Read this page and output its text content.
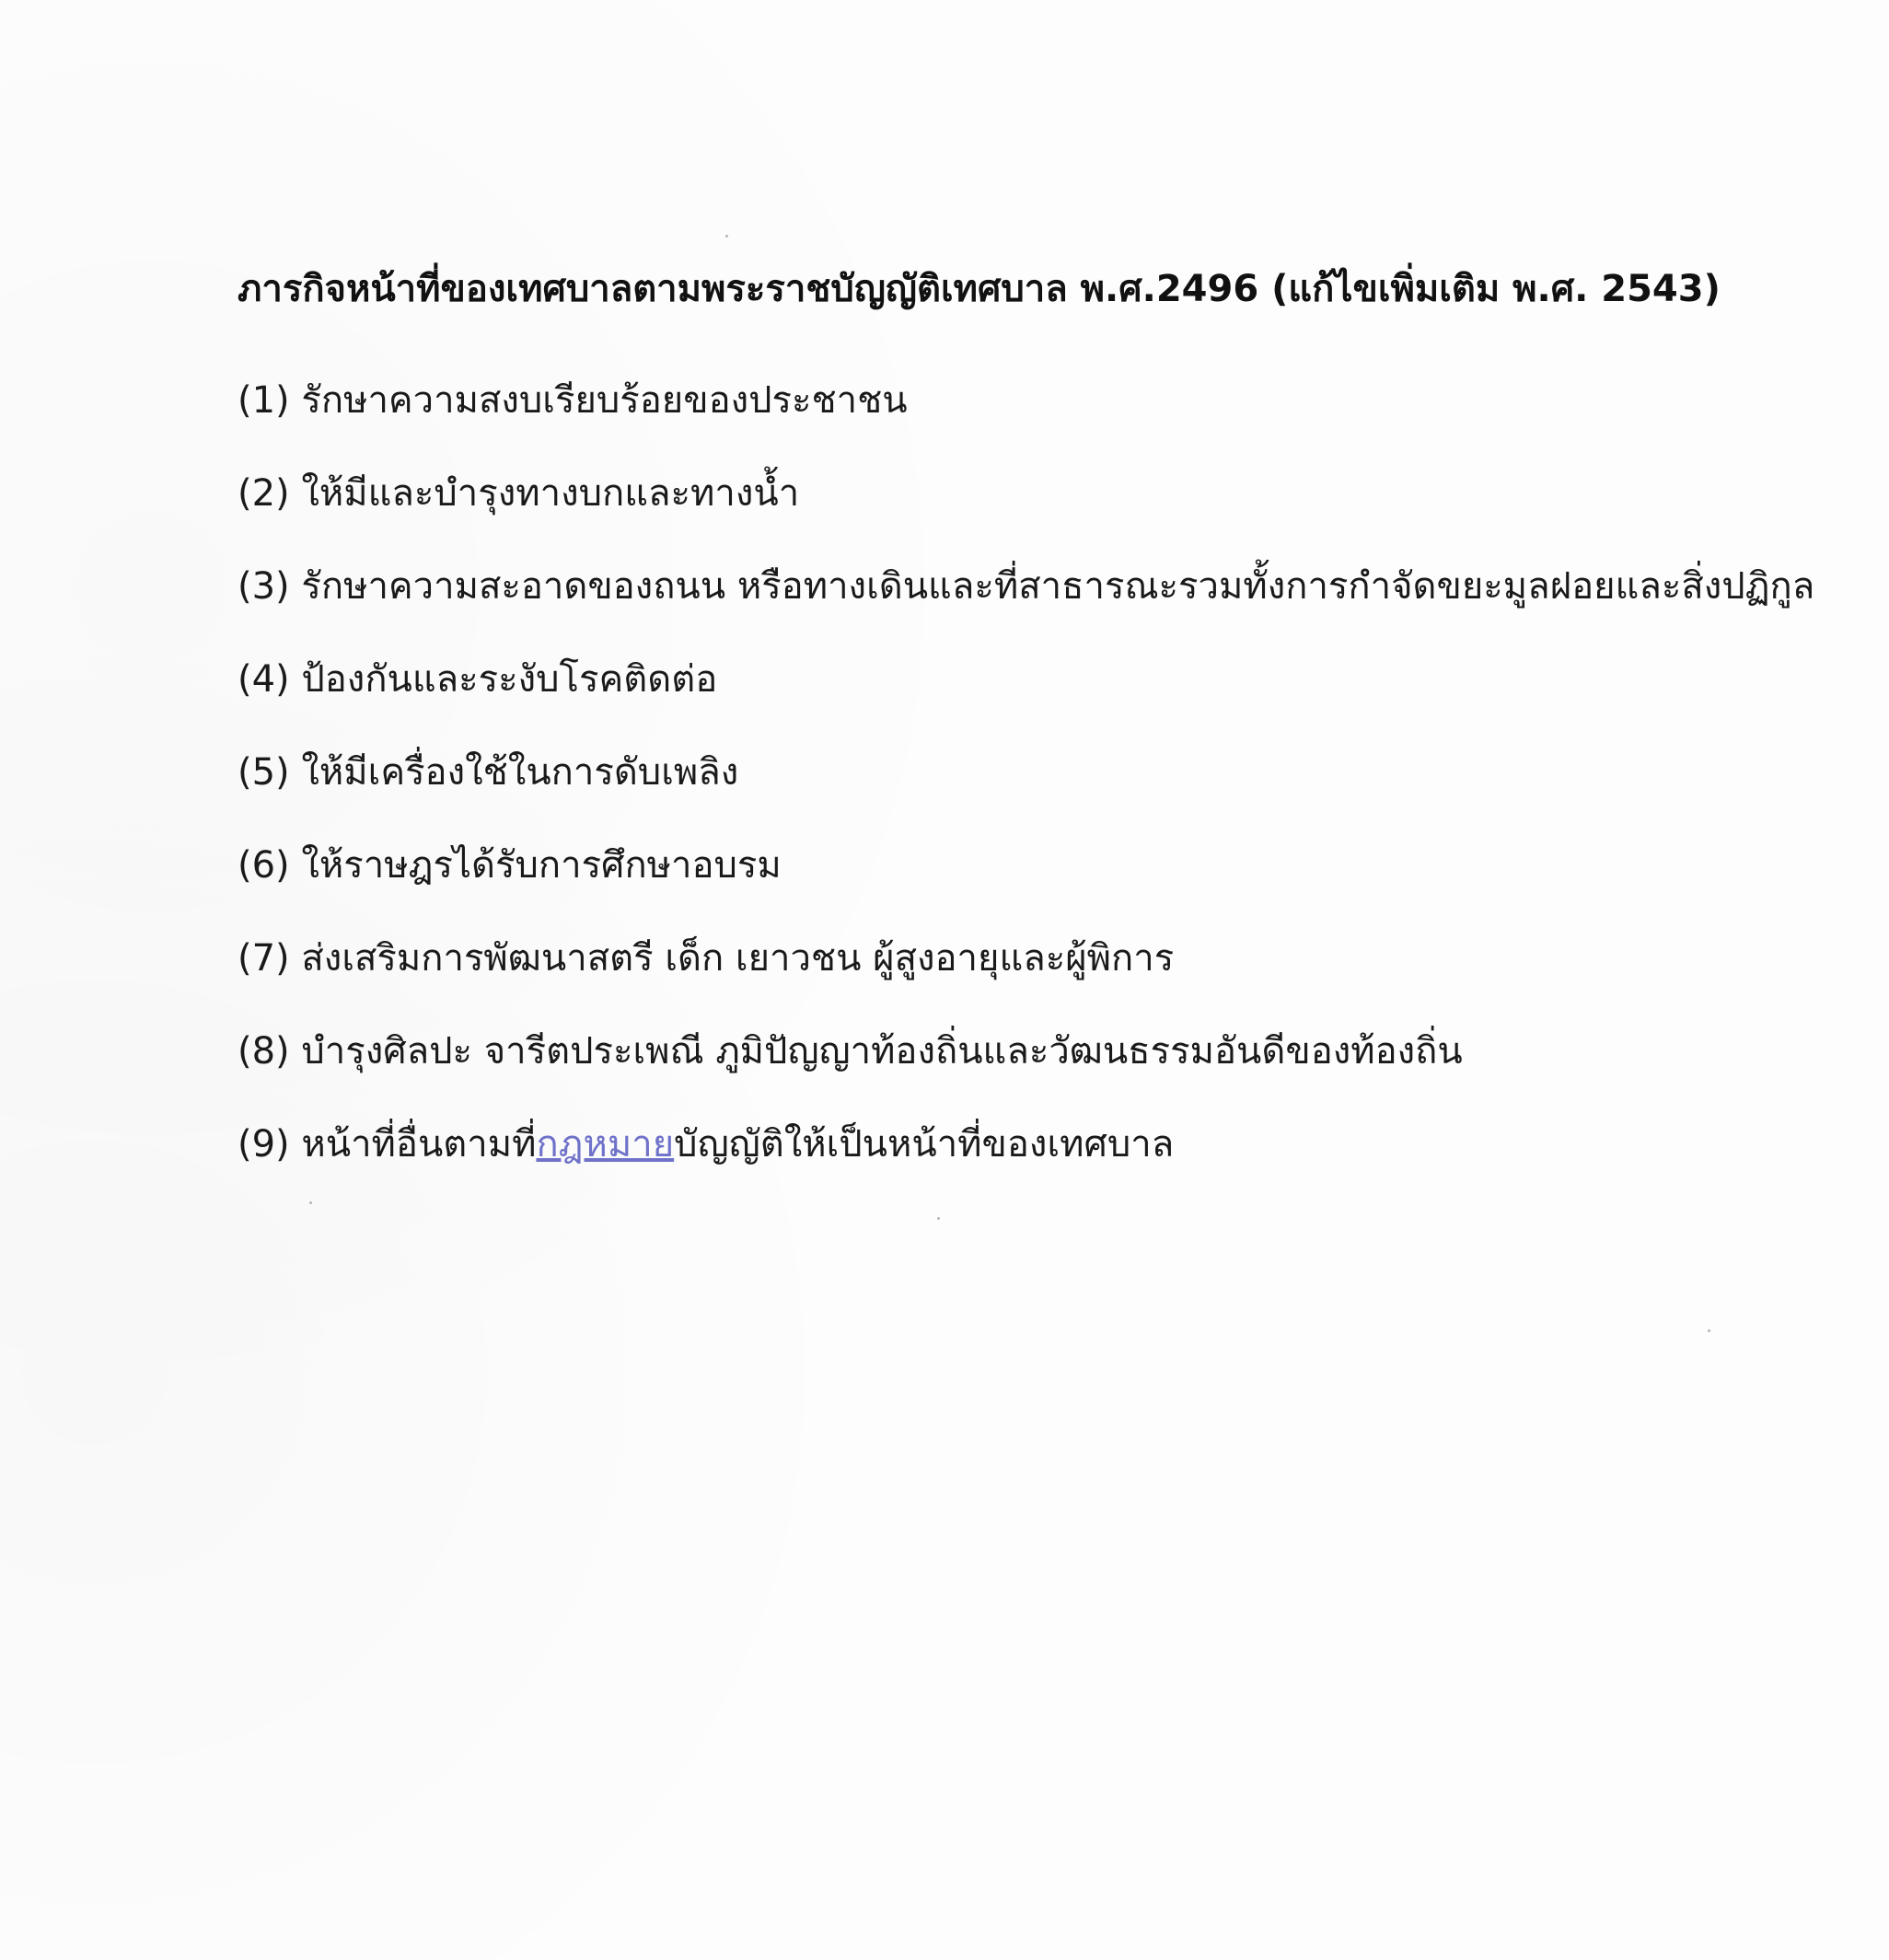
ภารกิจหน้าที่ของเทศบาลตามพระราชบัญญัติเทศบาล พ.ศ.2496 (แก้ไขเพิ่มเติม พ.ศ. 2543)
(1) รักษาความสงบเรียบร้อยของประชาชน
(2) ให้มีและบำรุงทางบกและทางน้ำ
(3) รักษาความสะอาดของถนน หรือทางเดินและที่สาธารณะรวมทั้งการกำจัดขยะมูลฝอยและสิ่งปฏิกูล
(4) ป้องกันและระงับโรคติดต่อ
(5) ให้มีเครื่องใช้ในการดับเพลิง
(6) ให้ราษฎรได้รับการศึกษาอบรม
(7) ส่งเสริมการพัฒนาสตรี เด็ก เยาวชน ผู้สูงอายุและผู้พิการ
(8) บำรุงศิลปะ จารีตประเพณี ภูมิปัญญาท้องถิ่นและวัฒนธรรมอันดีของท้องถิ่น
(9) หน้าที่อื่นตามที่กฎหมายบัญญัติให้เป็นหน้าที่ของเทศบาล
